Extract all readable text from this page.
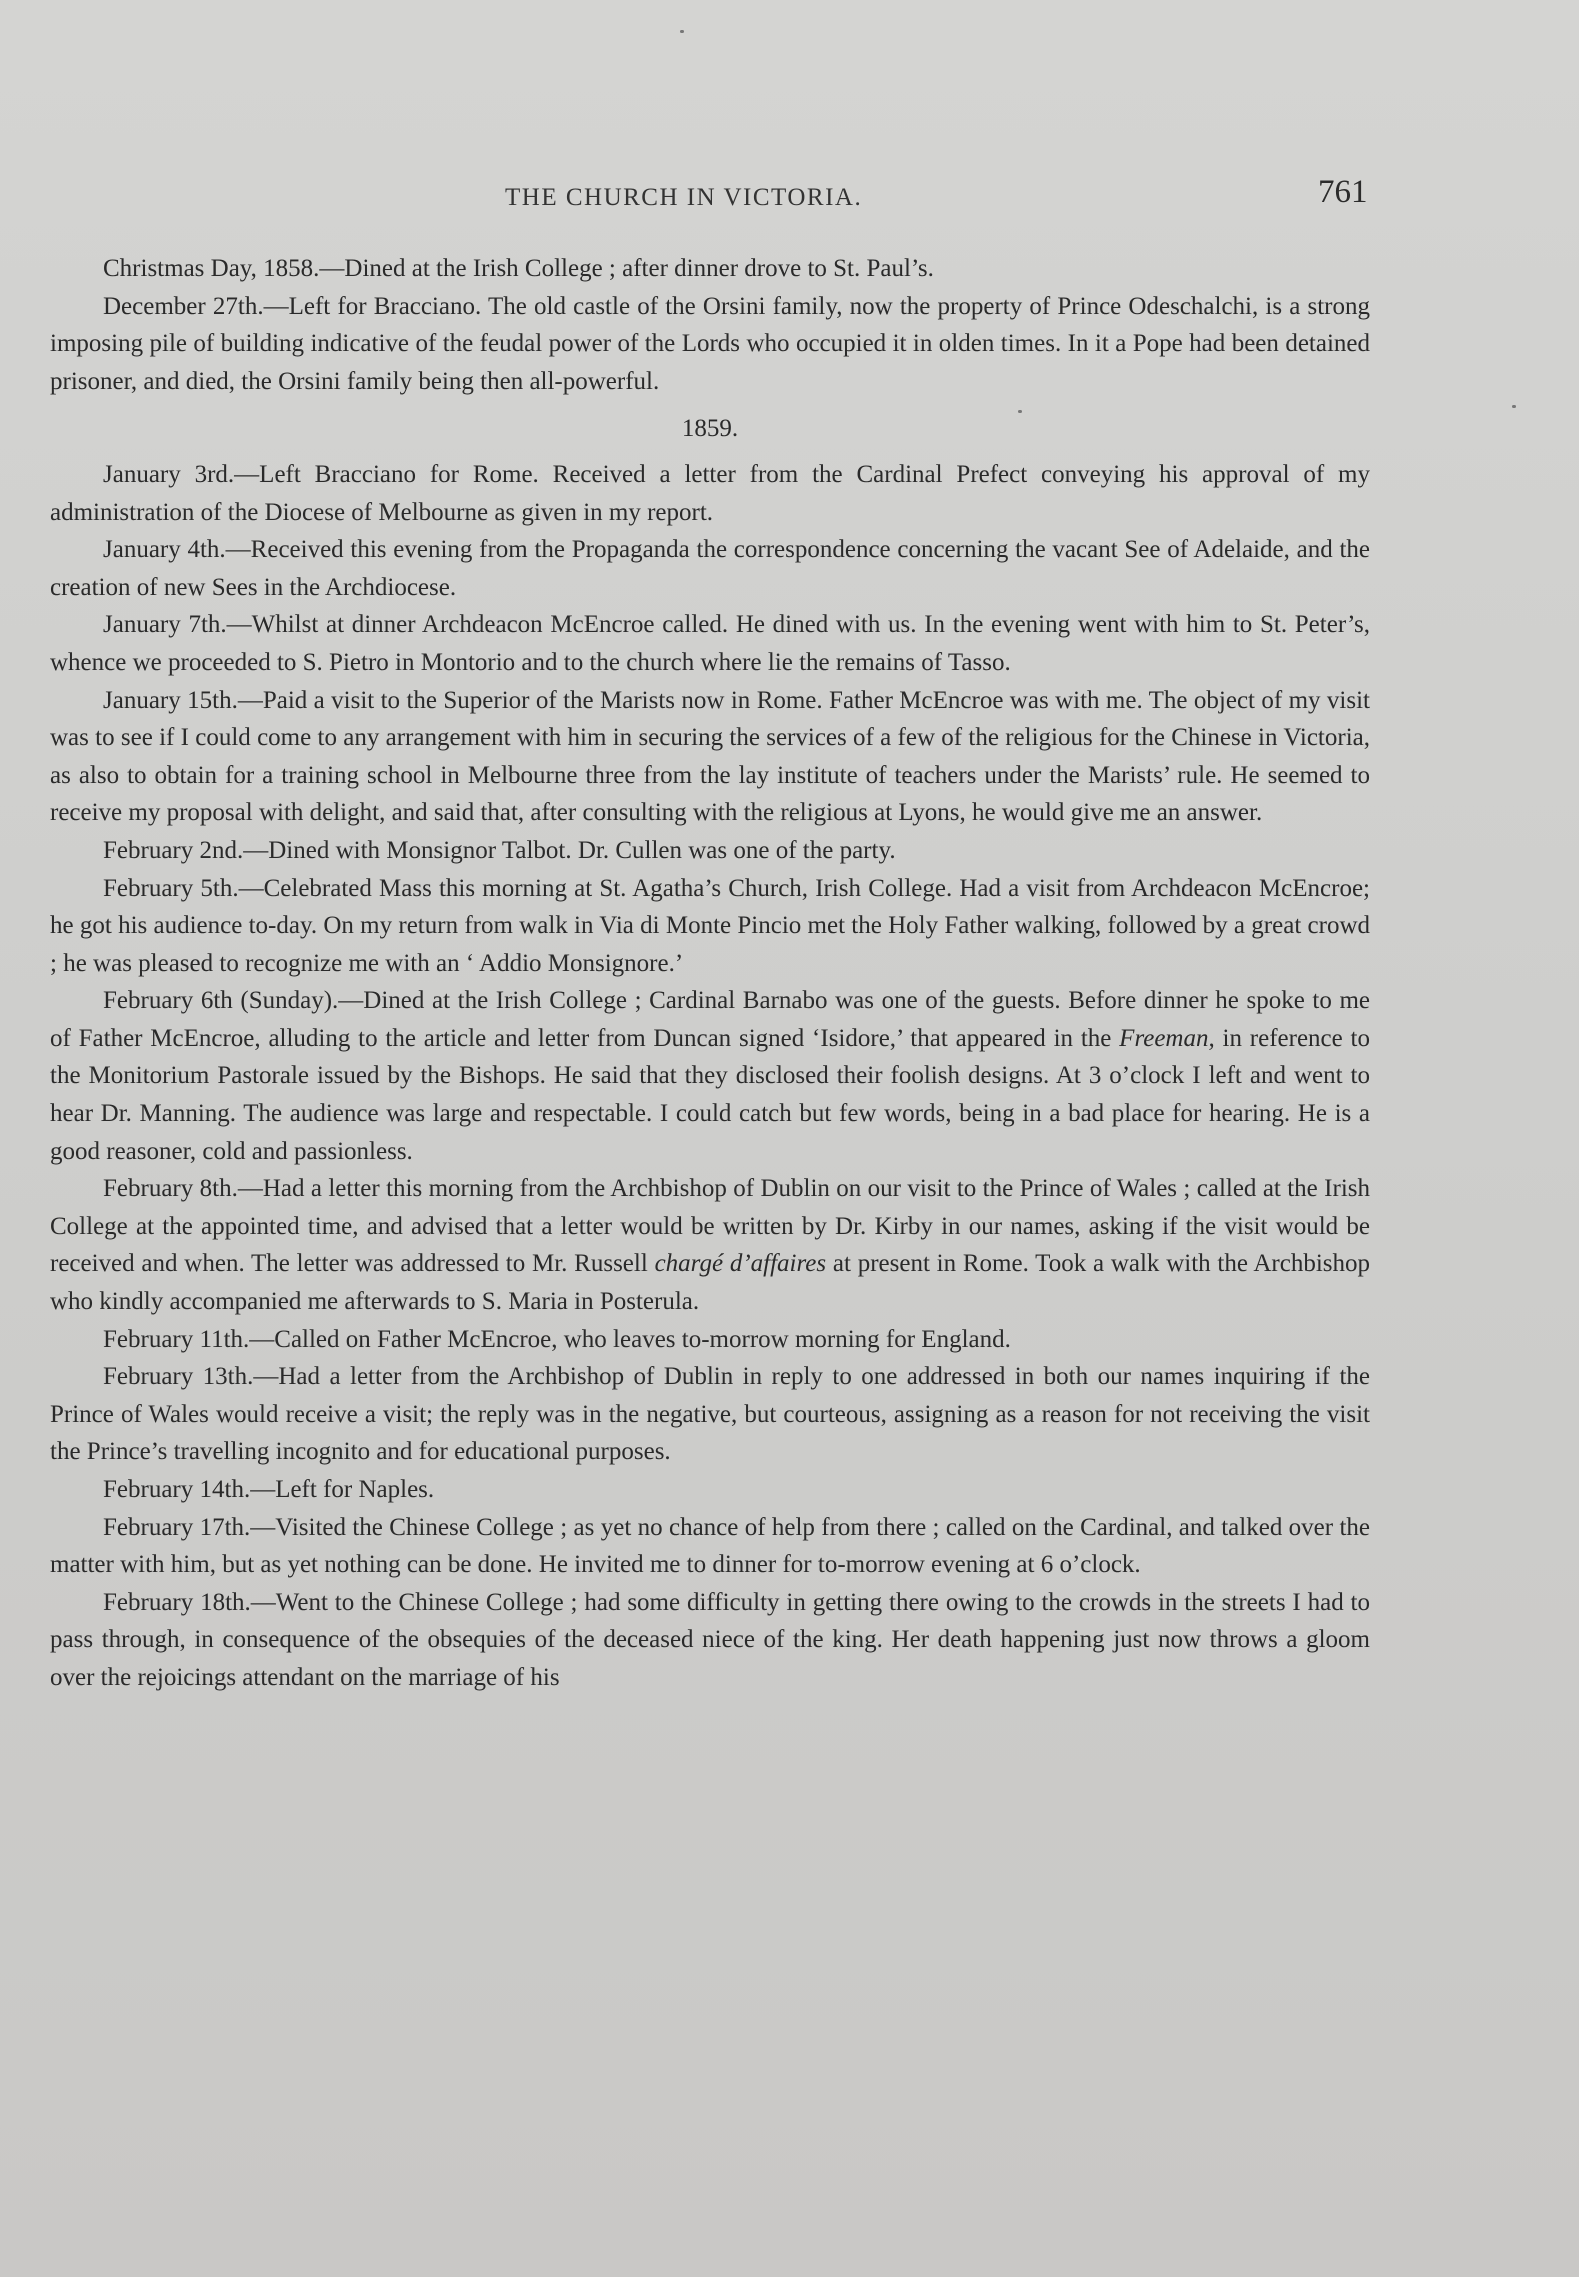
THE CHURCH IN VICTORIA.	761

Christmas Day, 1858.—Dined at the Irish College ; after dinner drove to St. Paul’s.

December 27th.—Left for Bracciano. The old castle of the Orsini family, now the property of Prince Odeschalchi, is a strong imposing pile of building indicative of the feudal power of the Lords who occupied it in olden times. In it a Pope had been detained prisoner, and died, the Orsini family being then all-powerful.

1859.

January 3rd.—Left Bracciano for Rome. Received a letter from the Cardinal Prefect conveying his approval of my administration of the Diocese of Melbourne as given in my report.

January 4th.—Received this evening from the Propaganda the correspondence concerning the vacant See of Adelaide, and the creation of new Sees in the Archdiocese.

January 7th.—Whilst at dinner Archdeacon McEncroe called. He dined with us. In the evening went with him to St. Peter’s, whence we proceeded to S. Pietro in Montorio and to the church where lie the remains of Tasso.

January 15th.—Paid a visit to the Superior of the Marists now in Rome. Father McEncroe was with me. The object of my visit was to see if I could come to any arrangement with him in securing the services of a few of the religious for the Chinese in Victoria, as also to obtain for a training school in Melbourne three from the lay institute of teachers under the Marists’ rule. He seemed to receive my proposal with delight, and said that, after consulting with the religious at Lyons, he would give me an answer.

February 2nd.—Dined with Monsignor Talbot. Dr. Cullen was one of the party.

February 5th.—Celebrated Mass this morning at St. Agatha’s Church, Irish College. Had a visit from Archdeacon McEncroe; he got his audience to-day. On my return from walk in Via di Monte Pincio met the Holy Father walking, followed by a great crowd ; he was pleased to recognize me with an ‘ Addio Monsignore.’

February 6th (Sunday).—Dined at the Irish College ; Cardinal Barnabo was one of the guests. Before dinner he spoke to me of Father McEncroe, alluding to the article and letter from Duncan signed ‘Isidore,’ that appeared in the Freeman, in reference to the Monitorium Pastorale issued by the Bishops. He said that they disclosed their foolish designs. At 3 o’clock I left and went to hear Dr. Manning. The audience was large and respectable. I could catch but few words, being in a bad place for hearing. He is a good reasoner, cold and passionless.

February 8th.—Had a letter this morning from the Archbishop of Dublin on our visit to the Prince of Wales ; called at the Irish College at the appointed time, and advised that a letter would be written by Dr. Kirby in our names, asking if the visit would be received and when. The letter was addressed to Mr. Russell chargé d’affaires at present in Rome. Took a walk with the Archbishop who kindly accompanied me afterwards to S. Maria in Posterula.

February 11th.—Called on Father McEncroe, who leaves to-morrow morning for England.

February 13th.—Had a letter from the Archbishop of Dublin in reply to one addressed in both our names inquiring if the Prince of Wales would receive a visit; the reply was in the negative, but courteous, assigning as a reason for not receiving the visit the Prince’s travelling incognito and for educational purposes.

February 14th.—Left for Naples.

February 17th.—Visited the Chinese College ; as yet no chance of help from there ; called on the Cardinal, and talked over the matter with him, but as yet nothing can be done. He invited me to dinner for to-morrow evening at 6 o’clock.

February 18th.—Went to the Chinese College ; had some difficulty in getting there owing to the crowds in the streets I had to pass through, in consequence of the obsequies of the deceased niece of the king. Her death happening just now throws a gloom over the rejoicings attendant on the marriage of his
